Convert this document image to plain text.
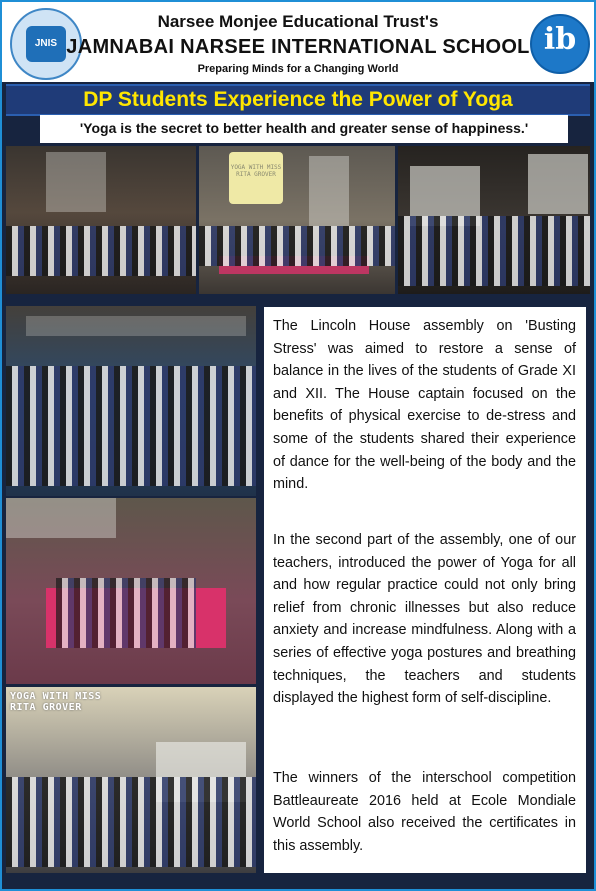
JNIS
Narsee Monjee Educational Trust's
JAMNABAI NARSEE INTERNATIONAL SCHOOL
Preparing Minds for a Changing World
ib
DP Students Experience the Power of Yoga
'Yoga is the secret to better health and greater sense of happiness.'
YOGA WITH MISS RITA GROVER
YOGA WITH MISS RITA GROVER

The Lincoln House assembly on 'Busting Stress' was aimed to restore a sense of balance in the lives of the students of Grade XI and XII. The House captain focused on the benefits of physical exercise to de-stress and some of the students shared their experience of dance for the well-being of the body and the mind.

In the second part of the assembly, one of our teachers, introduced the power of Yoga for all and how regular practice could not only bring relief from chronic illnesses but also reduce anxiety and increase mindfulness. Along with a series of effective yoga postures and breathing techniques, the teachers and students displayed the highest form of self-discipline.

The winners of the interschool competition Battleaureate 2016 held at Ecole Mondiale World School also received the certificates in this assembly.
